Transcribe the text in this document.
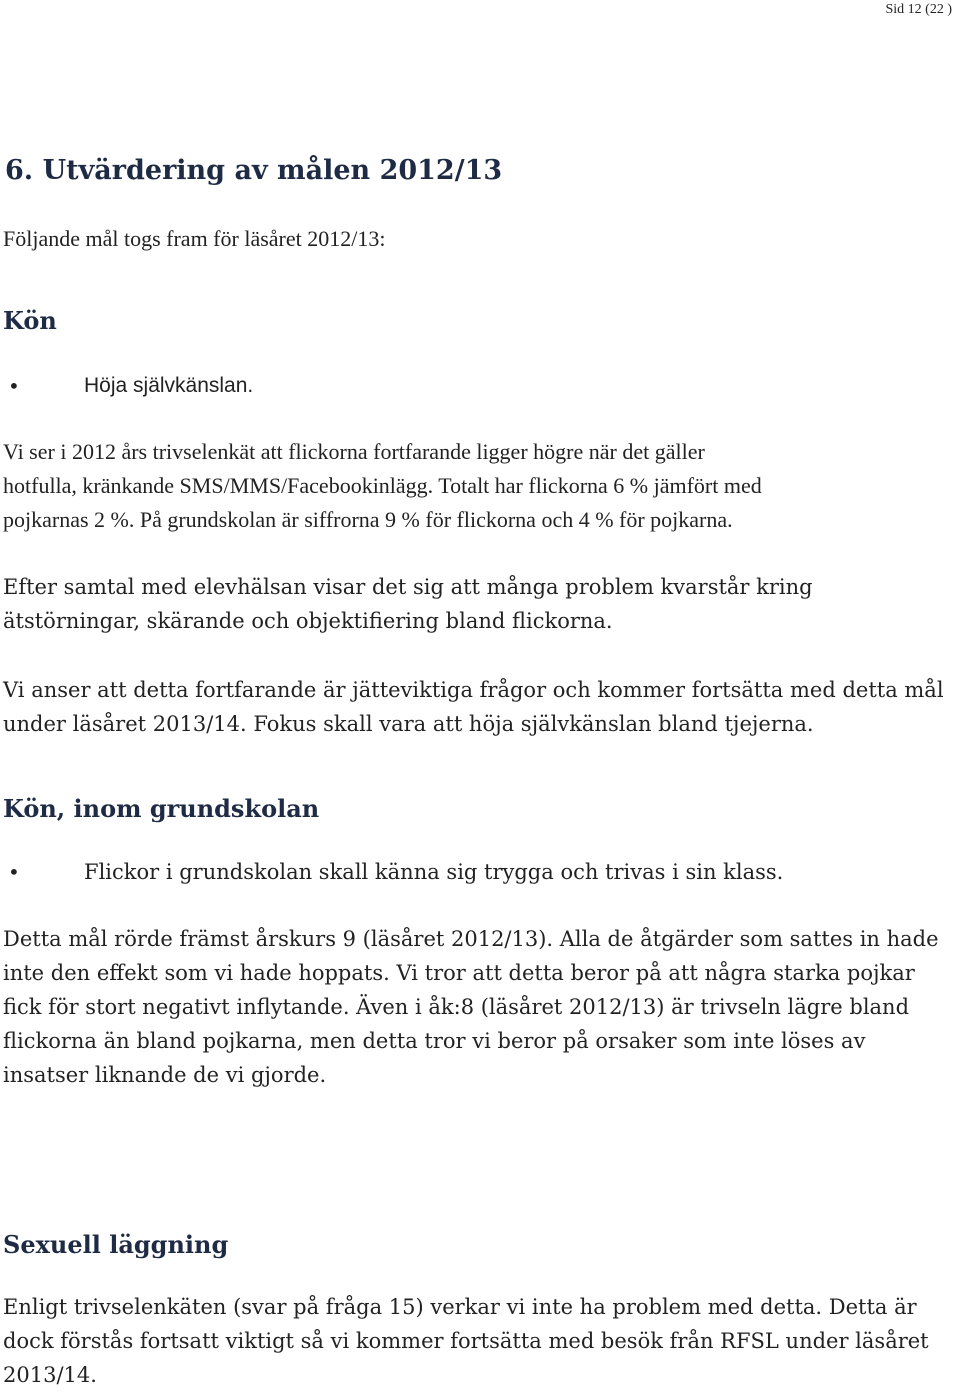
Sid 12 (22 )
6. Utvärdering av målen 2012/13

Följande mål togs fram för läsåret 2012/13:

Kön
•	Höja självkänslan.
Vi ser i 2012 års trivselenkät att flickorna fortfarande ligger högre när det gäller
hotfulla, kränkande SMS/MMS/Facebookinlägg. Totalt har flickorna 6 % jämfört med
pojkarnas 2 %. På grundskolan är siffrorna 9 % för flickorna och 4 % för pojkarna.

Efter samtal med elevhälsan visar det sig att många problem kvarstår kring ätstörningar, skärande och objektifiering bland flickorna.

Vi anser att detta fortfarande är jätteviktiga frågor och kommer fortsätta med detta mål under läsåret 2013/14. Fokus skall vara att höja självkänslan bland tjejerna.

Kön, inom grundskolan
•	Flickor i grundskolan skall känna sig trygga och trivas i sin klass.

Detta mål rörde främst årskurs 9 (läsåret 2012/13). Alla de åtgärder som sattes in hade inte den effekt som vi hade hoppats. Vi tror att detta beror på att några starka pojkar fick för stort negativt inflytande. Även i åk:8 (läsåret 2012/13) är trivseln lägre bland flickorna än bland pojkarna, men detta tror vi beror på orsaker som inte löses av insatser liknande de vi gjorde.

Sexuell läggning

Enligt trivselenkäten (svar på fråga 15) verkar vi inte ha problem med detta. Detta är dock förstås fortsatt viktigt så vi kommer fortsätta med besök från RFSL under läsåret 2013/14.
